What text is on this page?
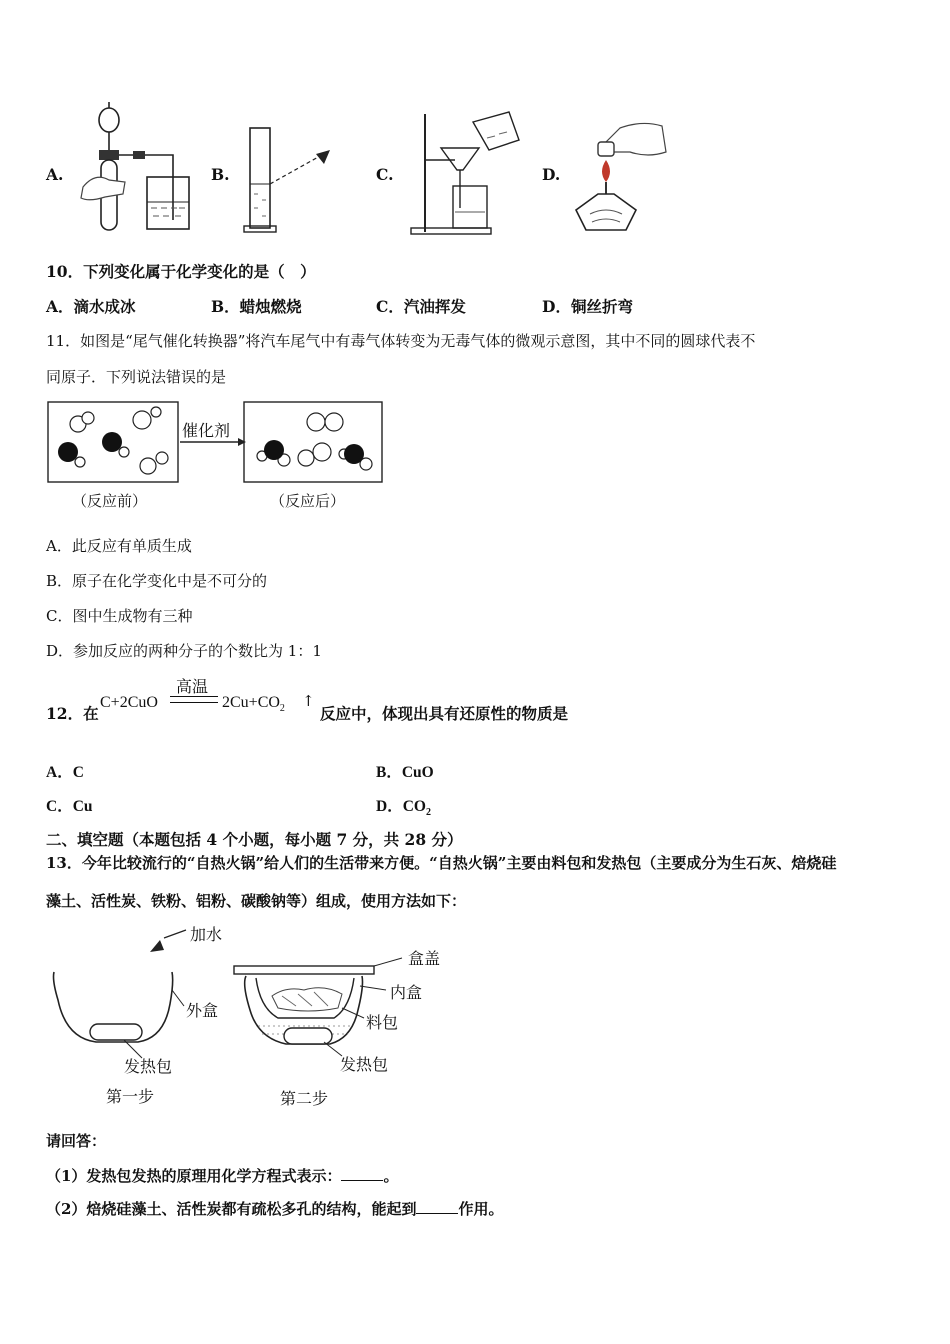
A.	B.	C.	D.
10．下列变化属于化学变化的是（　）
A．滴水成冰	B．蜡烛燃烧	C．汽油挥发	D．铜丝折弯
11．如图是“尾气催化转换器”将汽车尾气中有毒气体转变为无毒气体的微观示意图，其中不同的圆球代表不
同原子．下列说法错误的是
催化剂
（反应前）	（反应后）
A．此反应有单质生成
B．原子在化学变化中是不可分的
C．图中生成物有三种
D．参加反应的两种分子的个数比为 1：1
12．在
C+2CuO
高温
$2Cu+CO_2$ ↑
反应中，体现出具有还原性的物质是
A．C	B．CuO
C．Cu	D．$CO_2$
二、填空题（本题包括 4 个小题，每小题 7 分，共 28 分）
13．今年比较流行的“自热火锅”给人们的生活带来方便。“自热火锅”主要由料包和发热包（主要成分为生石灰、焙烧硅
藻土、活性炭、铁粉、铝粉、碳酸钠等）组成，使用方法如下：
加水
外盒
发热包
第一步
盒盖
内盒
料包
发热包
第二步
请回答：
（1）发热包发热的原理用化学方程式表示：	。
（2）焙烧硅藻土、活性炭都有疏松多孔的结构，能起到	作用。
